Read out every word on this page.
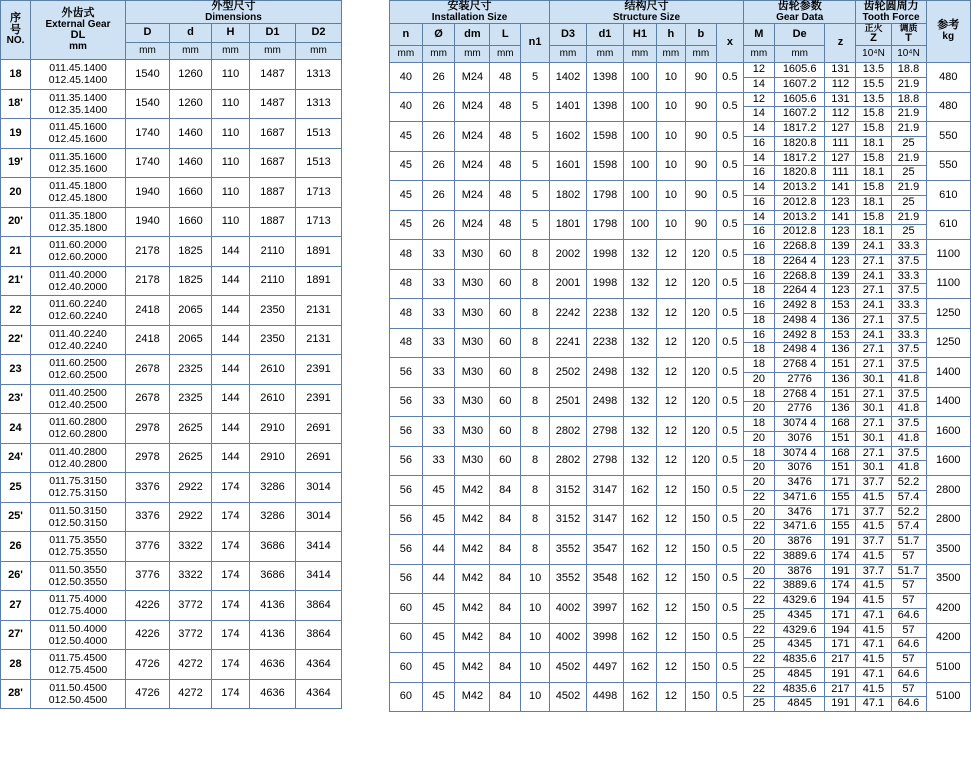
序
号
NO.

外齿式
External Gear
DL
mm

外型尺寸
Dimensions

		D	d	H	D1	D2
		mm	mm	mm	mm	mm
18	011.45.1400
012.45.1400	1540	1260	110	1487	1313
18'	011.35.1400
012.35.1400	1540	1260	110	1487	1313
19	011.45.1600
012.45.1600	1740	1460	110	1687	1513
19'	011.35.1600
012.35.1600	1740	1460	110	1687	1513
20	011.45.1800
012.45.1800	1940	1660	110	1887	1713
20'	011.35.1800
012.35.1800	1940	1660	110	1887	1713
21	011.60.2000
012.60.2000	2178	1825	144	2110	1891
21'	011.40.2000
012.40.2000	2178	1825	144	2110	1891
22	011.60.2240
012.60.2240	2418	2065	144	2350	2131
22'	011.40.2240
012.40.2240	2418	2065	144	2350	2131
23	011.60.2500
012.60.2500	2678	2325	144	2610	2391
23'	011.40.2500
012.40.2500	2678	2325	144	2610	2391
24	011.60.2800
012.60.2800	2978	2625	144	2910	2691
24'	011.40.2800
012.40.2800	2978	2625	144	2910	2691
25	011.75.3150
012.75.3150	3376	2922	174	3286	3014
25'	011.50.3150
012.50.3150	3376	2922	174	3286	3014
26	011.75.3550
012.75.3550	3776	3322	174	3686	3414
26'	011.50.3550
012.50.3550	3776	3322	174	3686	3414
27	011.75.4000
012.75.4000	4226	3772	174	4136	3864
27'	011.50.4000
012.50.4000	4226	3772	174	4136	3864
28	011.75.4500
012.75.4500	4726	4272	174	4636	4364
28'	011.50.4500
012.50.4500	4726	4272	174	4636	4364
安装尺寸
Installation Size

结构尺寸
Structure Size

齿轮参数
Gear Data

齿轮圆周力
Tooth Force

参考
kg

n	Ø	dm	L	n1	D3	d1	H1	h	b	x	M	De	z	
正火
Z

调质
T

mm	mm	mm	mm		mm	mm	mm	mm	mm		mm	mm		10⁴N	10⁴N	
40	26	M24	48	5	1402	1398	100	10	90	0.5	12	1605.6	131	13.5	18.8	480
											14	1607.2	112	15.5	21.9	
40	26	M24	48	5	1401	1398	100	10	90	0.5	12	1605.6	131	13.5	18.8	480
											14	1607.2	112	15.8	21.9	
45	26	M24	48	5	1602	1598	100	10	90	0.5	14	1817.2	127	15.8	21.9	550
											16	1820.8	111	18.1	25	
45	26	M24	48	5	1601	1598	100	10	90	0.5	14	1817.2	127	15.8	21.9	550
											16	1820.8	111	18.1	25	
45	26	M24	48	5	1802	1798	100	10	90	0.5	14	2013.2	141	15.8	21.9	610
											16	2012.8	123	18.1	25	
45	26	M24	48	5	1801	1798	100	10	90	0.5	14	2013.2	141	15.8	21.9	610
											16	2012.8	123	18.1	25	
48	33	M30	60	8	2002	1998	132	12	120	0.5	16	2268.8	139	24.1	33.3	1100
											18	2264 4	123	27.1	37.5	
48	33	M30	60	8	2001	1998	132	12	120	0.5	16	2268.8	139	24.1	33.3	1100
											18	2264 4	123	27.1	37.5	
48	33	M30	60	8	2242	2238	132	12	120	0.5	16	2492 8	153	24.1	33.3	1250
											18	2498 4	136	27.1	37.5	
48	33	M30	60	8	2241	2238	132	12	120	0.5	16	2492 8	153	24.1	33.3	1250
											18	2498 4	136	27.1	37.5	
56	33	M30	60	8	2502	2498	132	12	120	0.5	18	2768 4	151	27.1	37.5	1400
											20	2776	136	30.1	41.8	
56	33	M30	60	8	2501	2498	132	12	120	0.5	18	2768 4	151	27.1	37.5	1400
											20	2776	136	30.1	41.8	
56	33	M30	60	8	2802	2798	132	12	120	0.5	18	3074 4	168	27.1	37.5	1600
											20	3076	151	30.1	41.8	
56	33	M30	60	8	2802	2798	132	12	120	0.5	18	3074 4	168	27.1	37.5	1600
											20	3076	151	30.1	41.8	
56	45	M42	84	8	3152	3147	162	12	150	0.5	20	3476	171	37.7	52.2	2800
											22	3471.6	155	41.5	57.4	
56	45	M42	84	8	3152	3147	162	12	150	0.5	20	3476	171	37.7	52.2	2800
											22	3471.6	155	41.5	57.4	
56	44	M42	84	8	3552	3547	162	12	150	0.5	20	3876	191	37.7	51.7	3500
											22	3889.6	174	41.5	57	
56	44	M42	84	10	3552	3548	162	12	150	0.5	20	3876	191	37.7	51.7	3500
											22	3889.6	174	41.5	57	
60	45	M42	84	10	4002	3997	162	12	150	0.5	22	4329.6	194	41.5	57	4200
											25	4345	171	47.1	64.6	
60	45	M42	84	10	4002	3998	162	12	150	0.5	22	4329.6	194	41.5	57	4200
											25	4345	171	47.1	64.6	
60	45	M42	84	10	4502	4497	162	12	150	0.5	22	4835.6	217	41.5	57	5100
											25	4845	191	47.1	64.6	
60	45	M42	84	10	4502	4498	162	12	150	0.5	22	4835.6	217	41.5	57	5100
											25	4845	191	47.1	64.6	
